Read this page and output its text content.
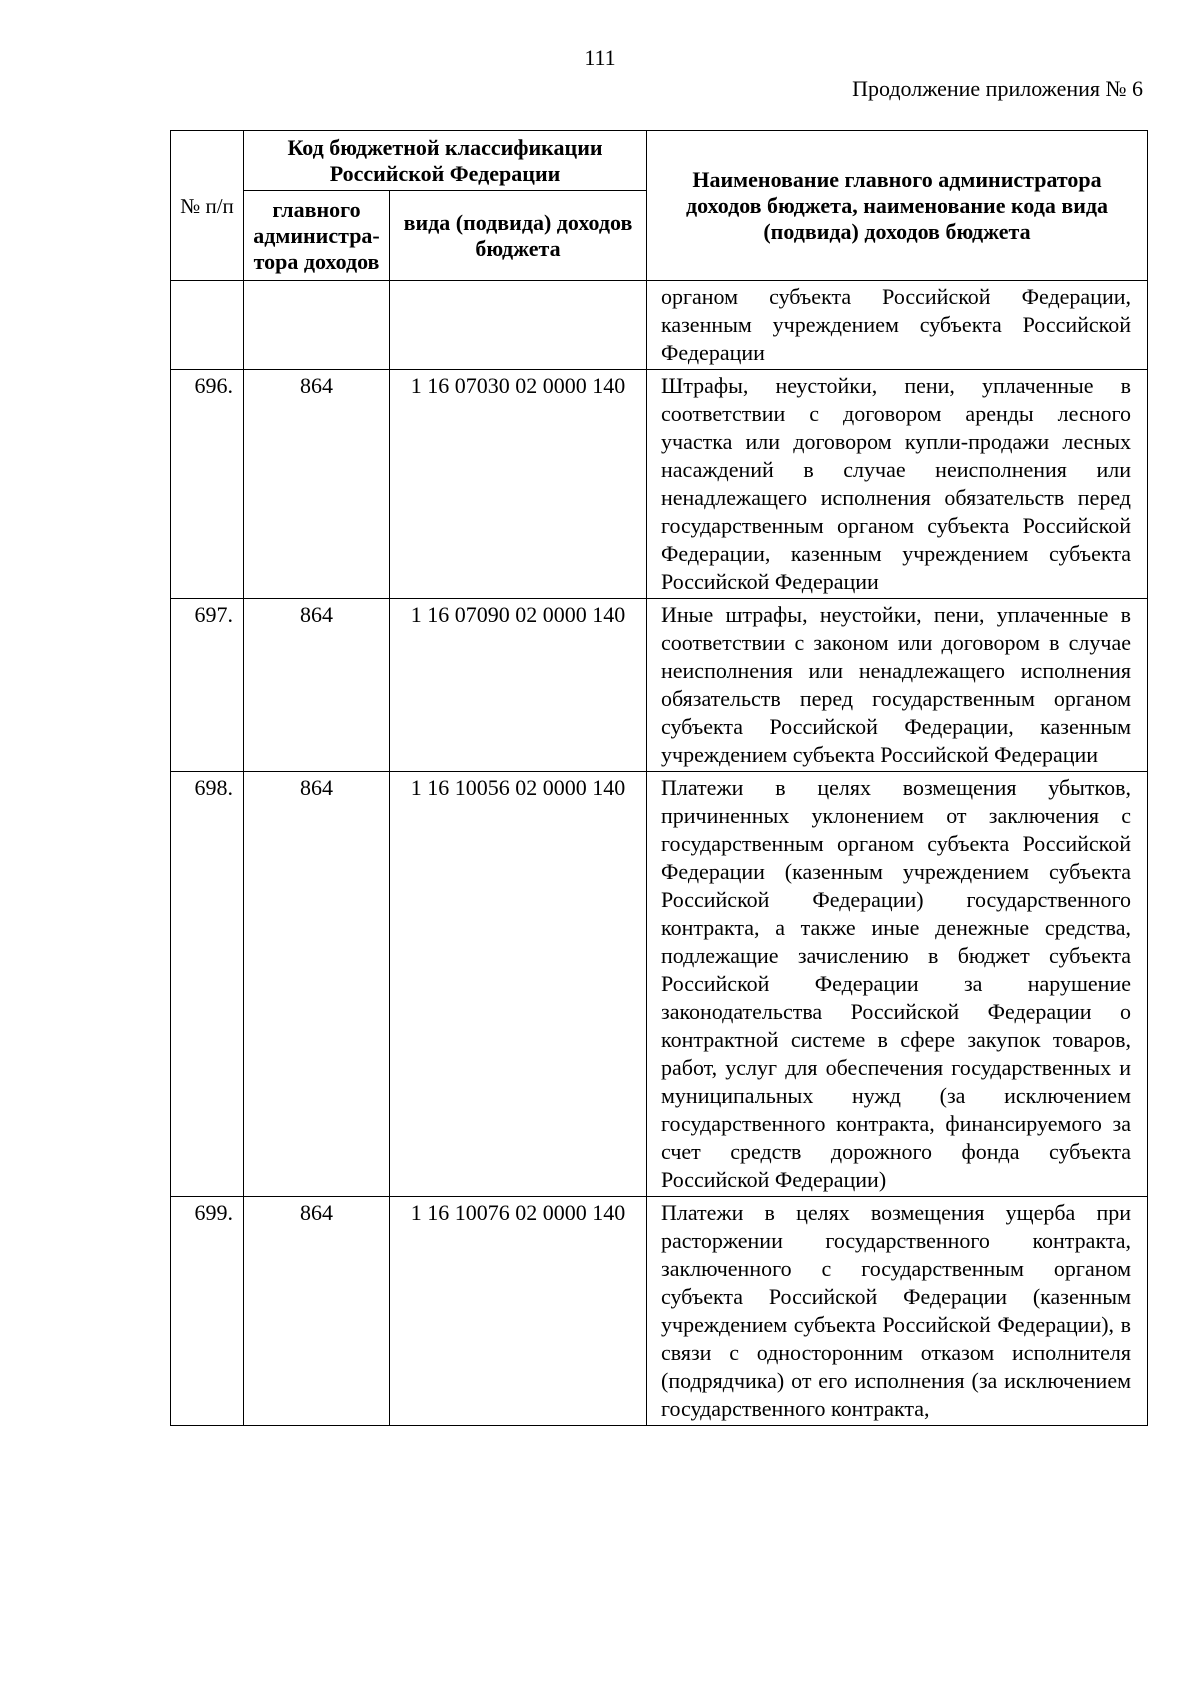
111
Продолжение приложения № 6
№ п/п	Код бюджетной классификации Российской Федерации		Наименование главного администратора доходов бюджета, наименование кода вида (подвида) доходов бюджета
	главного администра-тора доходов	вида (подвида) доходов бюджета	
			органом субъекта Российской Федерации, казенным учреждением субъекта Российской Федерации
696.	864	1 16 07030 02 0000 140	Штрафы, неустойки, пени, уплаченные в соответствии с договором аренды лесного участка или договором купли-продажи лесных насаждений в случае неисполнения или ненадлежащего исполнения обязательств перед государственным органом субъекта Российской Федерации, казенным учреждением субъекта Российской Федерации
697.	864	1 16 07090 02 0000 140	Иные штрафы, неустойки, пени, уплаченные в соответствии с законом или договором в случае неисполнения или ненадлежащего исполнения обязательств перед государственным органом субъекта Российской Федерации, казенным учреждением субъекта Российской Федерации
698.	864	1 16 10056 02 0000 140	Платежи в целях возмещения убытков, причиненных уклонением от заключения с государственным органом субъекта Российской Федерации (казенным учреждением субъекта Российской Федерации) государственного контракта, а также иные денежные средства, подлежащие зачислению в бюджет субъекта Российской Федерации за нарушение законодательства Российской Федерации о контрактной системе в сфере закупок товаров, работ, услуг для обеспечения государственных и муниципальных нужд (за исключением государственного контракта, финансируемого за счет средств дорожного фонда субъекта Российской Федерации)
699.	864	1 16 10076 02 0000 140	Платежи в целях возмещения ущерба при расторжении государственного контракта, заключенного с государственным органом субъекта Российской Федерации (казенным учреждением субъекта Российской Федерации), в связи с односторонним отказом исполнителя (подрядчика) от его исполнения (за исключением государственного контракта,
